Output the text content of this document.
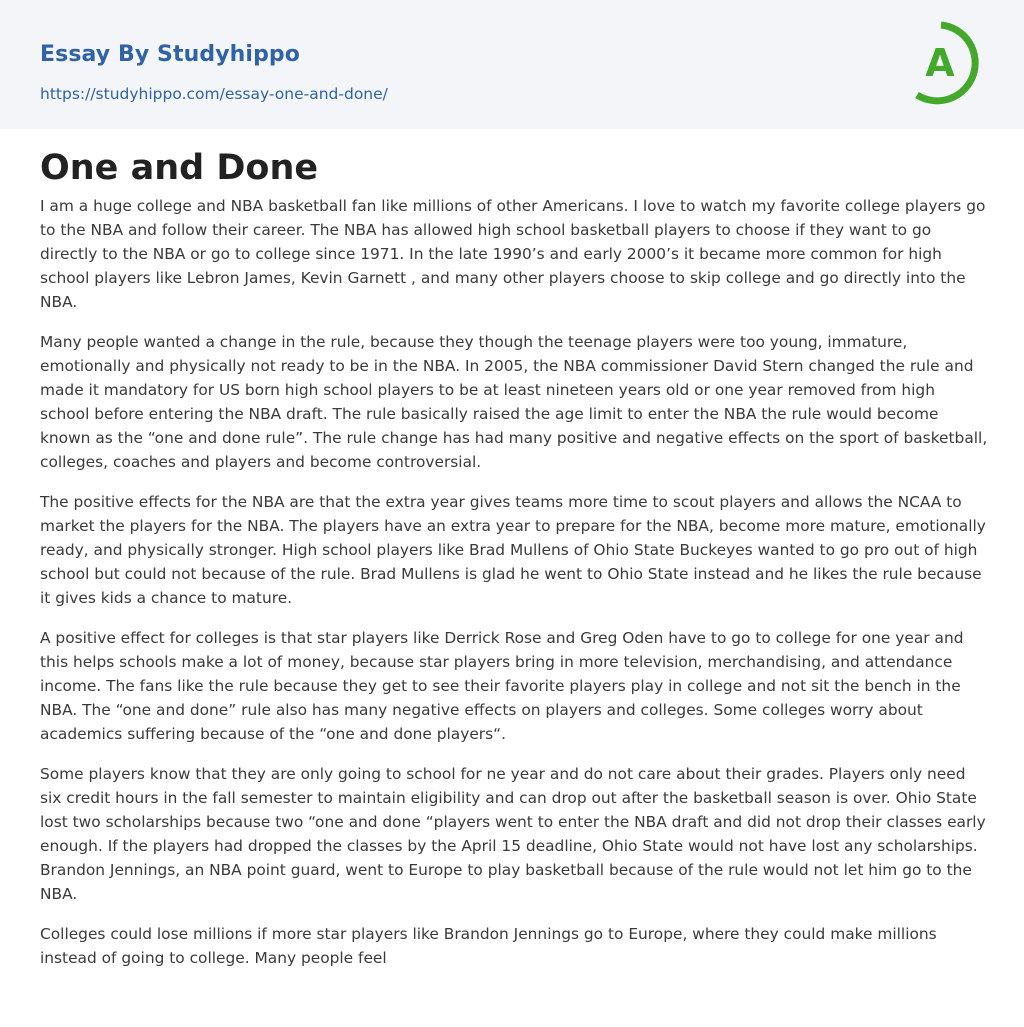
Essay By Studyhippo
https://studyhippo.com/essay-one-and-done/
A
One and Done

I am a huge college and NBA basketball fan like millions of other Americans. I love to watch my favorite college players go to the NBA and follow their career. The NBA has allowed high school basketball players to choose if they want to go directly to the NBA or go to college since 1971. In the late 1990’s and early 2000’s it became more common for high school players like Lebron James, Kevin Garnett , and many other players choose to skip college and go directly into the NBA.

Many people wanted a change in the rule, because they though the teenage players were too young, immature, emotionally and physically not ready to be in the NBA. In 2005, the NBA commissioner David Stern changed the rule and made it mandatory for US born high school players to be at least nineteen years old or one year removed from high school before entering the NBA draft. The rule basically raised the age limit to enter the NBA the rule would become known as the “one and done rule”. The rule change has had many positive and negative effects on the sport of basketball, colleges, coaches and players and become controversial.

The positive effects for the NBA are that the extra year gives teams more time to scout players and allows the NCAA to market the players for the NBA. The players have an extra year to prepare for the NBA, become more mature, emotionally ready, and physically stronger. High school players like Brad Mullens of Ohio State Buckeyes wanted to go pro out of high school but could not because of the rule. Brad Mullens is glad he went to Ohio State instead and he likes the rule because it gives kids a chance to mature.

A positive effect for colleges is that star players like Derrick Rose and Greg Oden have to go to college for one year and this helps schools make a lot of money, because star players bring in more television, merchandising, and attendance income. The fans like the rule because they get to see their favorite players play in college and not sit the bench in the NBA. The “one and done” rule also has many negative effects on players and colleges. Some colleges worry about academics suffering because of the “one and done players“.

Some players know that they are only going to school for ne year and do not care about their grades. Players only need six credit hours in the fall semester to maintain eligibility and can drop out after the basketball season is over. Ohio State lost two scholarships because two “one and done “players went to enter the NBA draft and did not drop their classes early enough. If the players had dropped the classes by the April 15 deadline, Ohio State would not have lost any scholarships. Brandon Jennings, an NBA point guard, went to Europe to play basketball because of the rule would not let him go to the NBA.

Colleges could lose millions if more star players like Brandon Jennings go to Europe, where they could make millions instead of going to college. Many people feel
